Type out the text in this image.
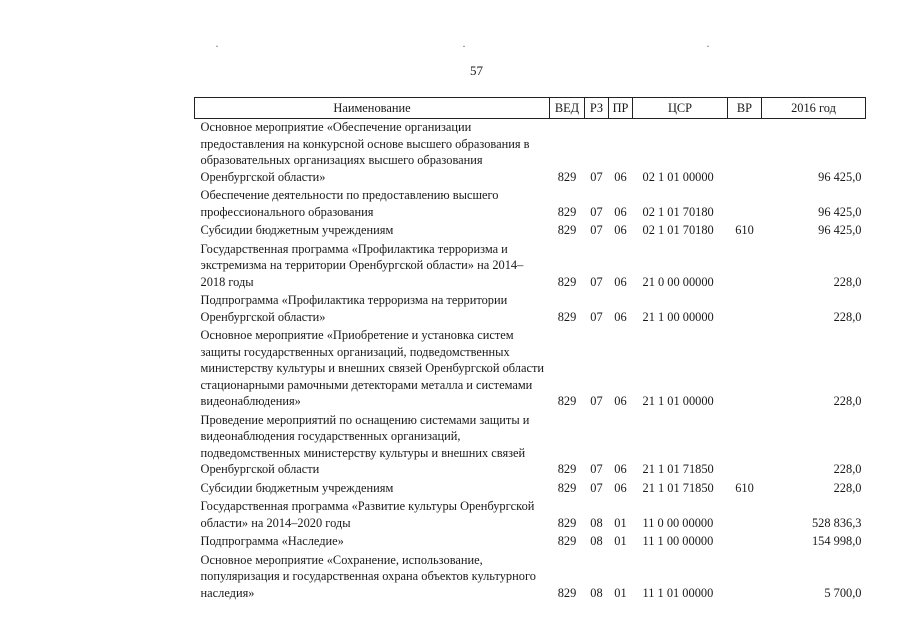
·	·	·
57
Наименование	ВЕД	РЗ	ПР	ЦСР	ВР	2016 год
Основное мероприятие «Обеспечение организации предоставления на конкурсной основе высшего образования в образовательных организациях высшего образования Оренбургской области»	829	07	06	02 1 01 00000		96 425,0
Обеспечение деятельности по предоставлению высшего профессионального образования	829	07	06	02 1 01 70180		96 425,0
Субсидии бюджетным учреждениям	829	07	06	02 1 01 70180	610	96 425,0
Государственная программа «Профилактика терроризма и экстремизма на территории Оренбургской области» на 2014–2018 годы	829	07	06	21 0 00 00000		228,0
Подпрограмма «Профилактика терроризма на территории Оренбургской области»	829	07	06	21 1 00 00000		228,0
Основное мероприятие «Приобретение и установка систем защиты государственных организаций, подведомственных министерству культуры и внешних связей Оренбургской области стационарными рамочными детекторами металла и системами видеонаблюдения»	829	07	06	21 1 01 00000		228,0
Проведение мероприятий по оснащению системами защиты и видеонаблюдения государственных организаций, подведомственных министерству культуры и внешних связей Оренбургской области	829	07	06	21 1 01 71850		228,0
Субсидии бюджетным учреждениям	829	07	06	21 1 01 71850	610	228,0
Государственная программа «Развитие культуры Оренбургской области» на 2014–2020 годы	829	08	01	11 0 00 00000		528 836,3
Подпрограмма «Наследие»	829	08	01	11 1 00 00000		154 998,0
Основное мероприятие «Сохранение, использование, популяризация и государственная охрана объектов культурного наследия»	829	08	01	11 1 01 00000		5 700,0
